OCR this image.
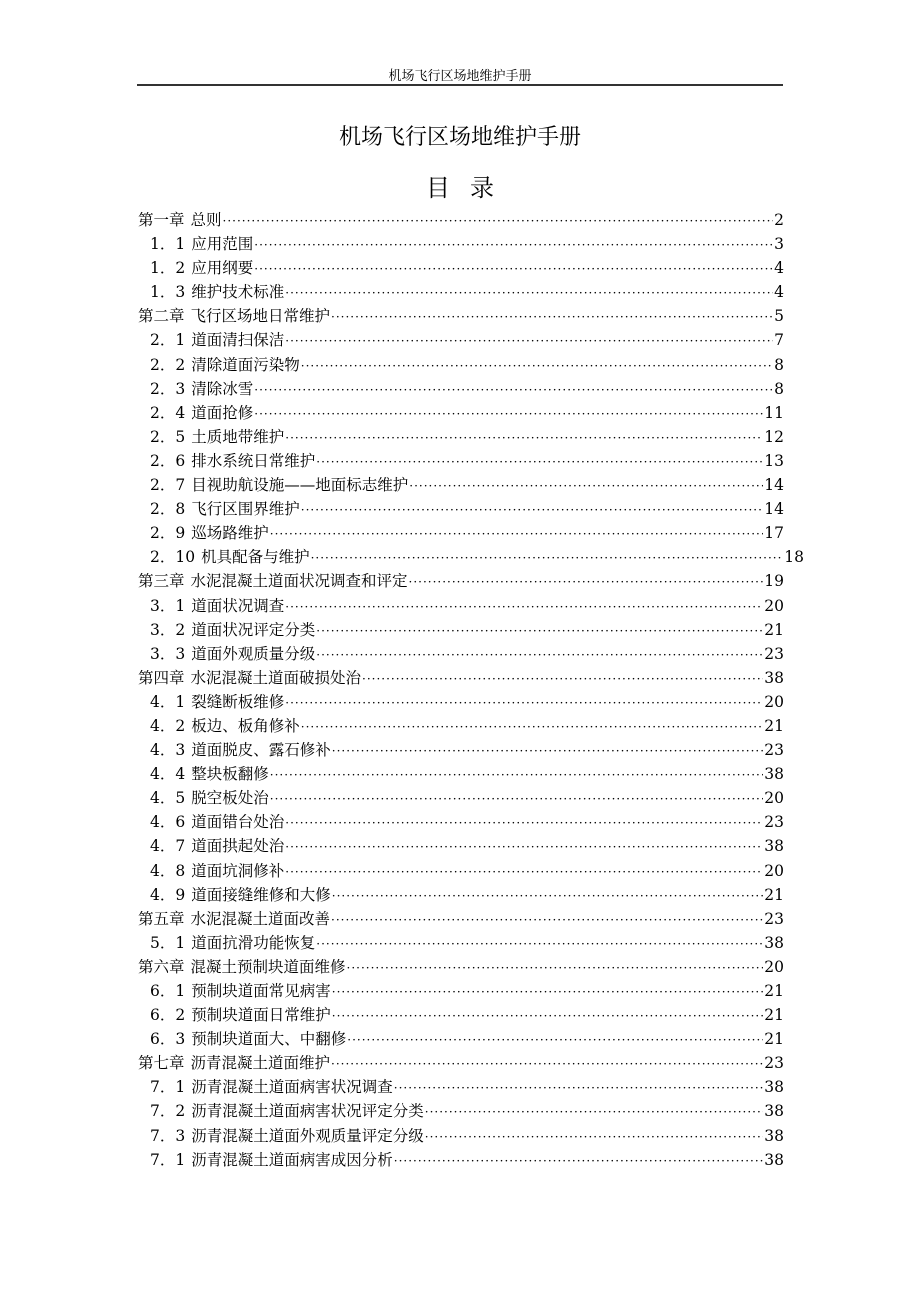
机场飞行区场地维护手册
机场飞行区场地维护手册
目录
第一章 总则 ·····	2
1．1 应用范围 ·····	3
1．2 应用纲要 ·····	4
1．3 维护技术标准 ·····	4
第二章 飞行区场地日常维护 ·····	5
2．1 道面清扫保洁 ·····	7
2．2 清除道面污染物 ·····	8
2．3 清除冰雪 ·····	8
2．4 道面抢修 ·····	11
2．5 土质地带维护 ·····	12
2．6 排水系统日常维护 ·····	13
2．7 目视助航设施——地面标志维护 ·····	14
2．8 飞行区围界维护 ·····	14
2．9 巡场路维护 ·····	17
2．10 机具配备与维护 ·····	18
第三章 水泥混凝土道面状况调查和评定 ·····	19
3．1 道面状况调查 ·····	20
3．2 道面状况评定分类 ·····	21
3．3 道面外观质量分级 ·····	23
第四章 水泥混凝土道面破损处治 ·····	38
4．1 裂缝断板维修 ·····	20
4．2 板边、板角修补 ·····	21
4．3 道面脱皮、露石修补 ·····	23
4．4 整块板翻修 ·····	38
4．5 脱空板处治 ·····	20
4．6 道面错台处治 ·····	23
4．7 道面拱起处治 ·····	38
4．8 道面坑洞修补 ·····	20
4．9 道面接缝维修和大修 ·····	21
第五章 水泥混凝土道面改善 ·····	23
5．1 道面抗滑功能恢复 ·····	38
第六章 混凝土预制块道面维修 ·····	20
6．1 预制块道面常见病害 ·····	21
6．2 预制块道面日常维护 ·····	21
6．3 预制块道面大、中翻修 ·····	21
第七章 沥青混凝土道面维护 ·····	23
7．1 沥青混凝土道面病害状况调查 ·····	38
7．2 沥青混凝土道面病害状况评定分类 ·····	38
7．3 沥青混凝土道面外观质量评定分级 ·····	38
7．1 沥青混凝土道面病害成因分析 ·····	38
